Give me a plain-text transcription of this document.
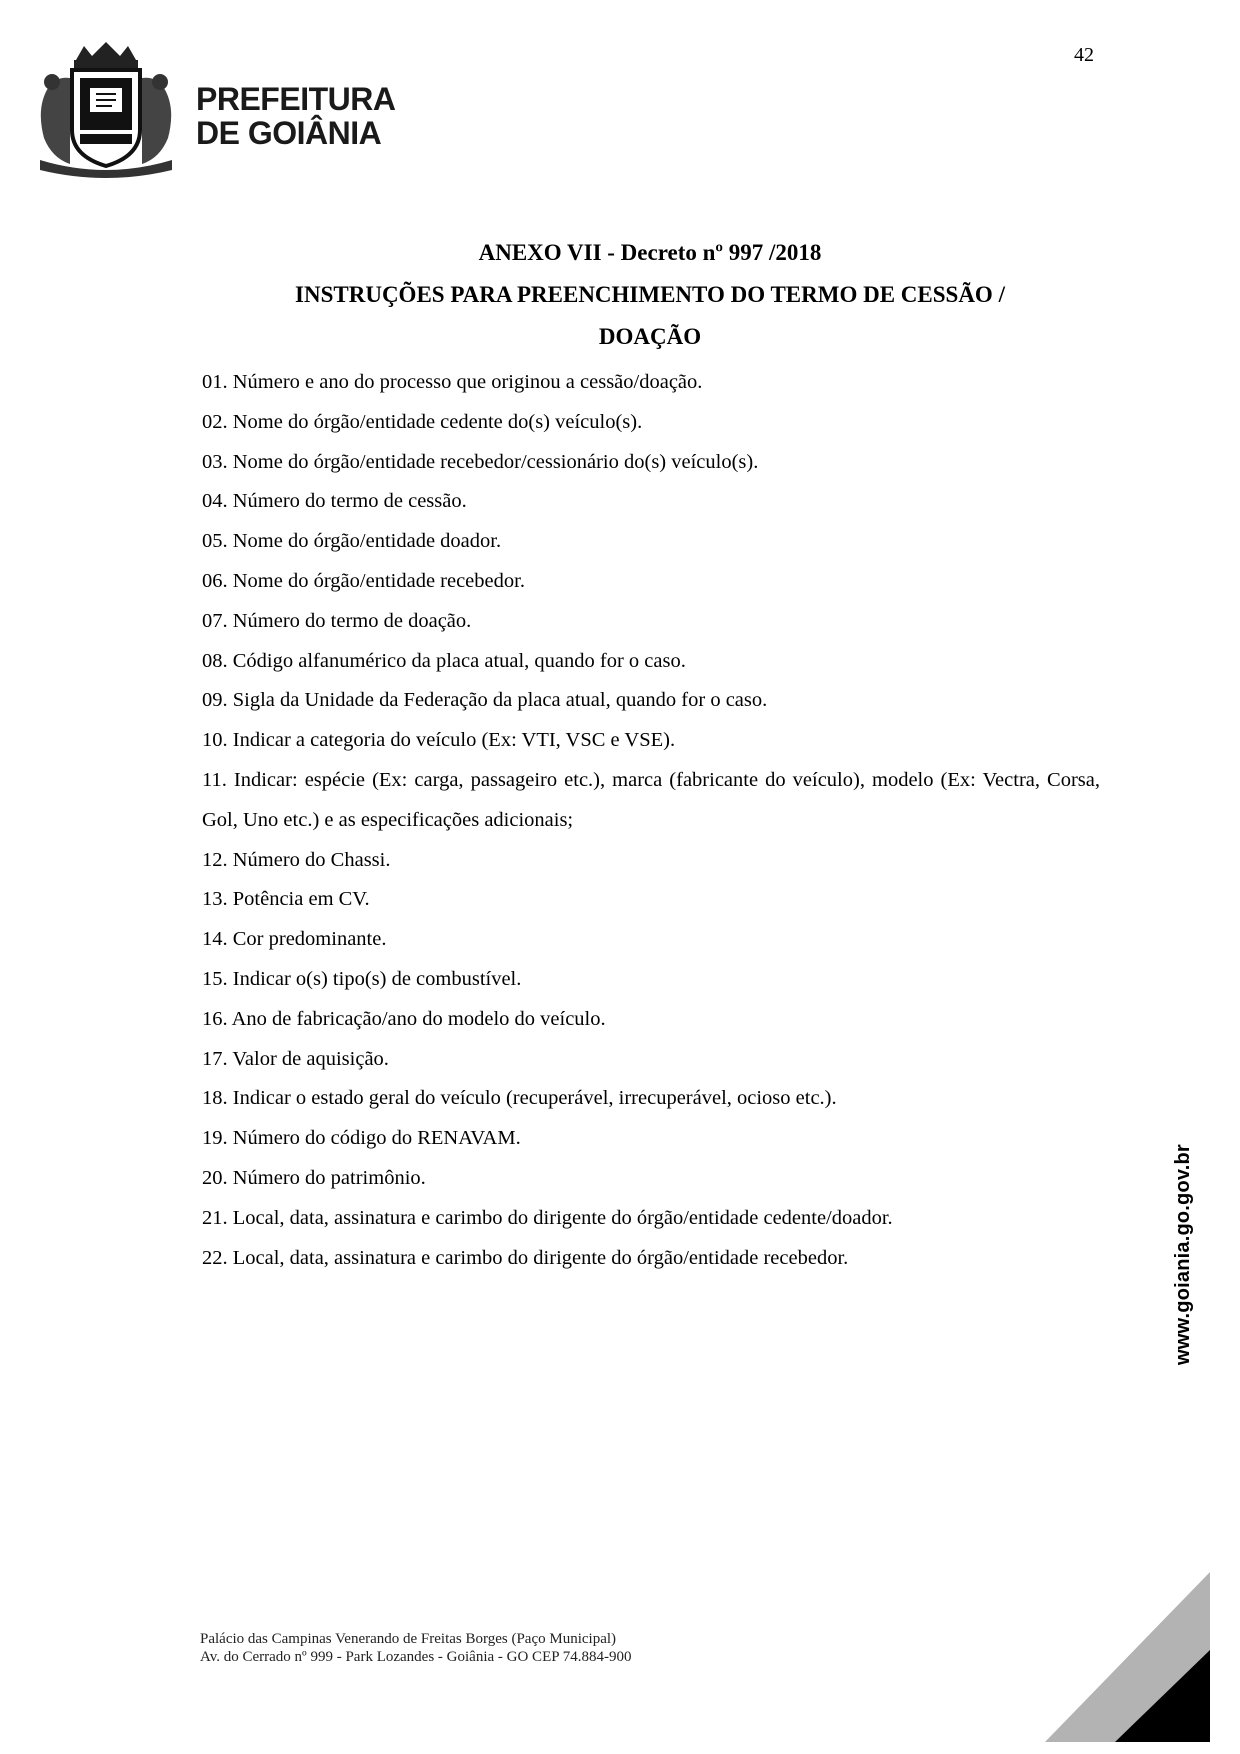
42
PREFEITURA
DE GOIÂNIA
ANEXO VII - Decreto nº 997 /2018
INSTRUÇÕES PARA PREENCHIMENTO DO TERMO DE CESSÃO /
DOAÇÃO
01. Número e ano do processo que originou a cessão/doação.
02. Nome do órgão/entidade cedente do(s) veículo(s).
03. Nome do órgão/entidade recebedor/cessionário do(s) veículo(s).
04. Número do termo de cessão.
05. Nome do órgão/entidade doador.
06. Nome do órgão/entidade recebedor.
07. Número do termo de doação.
08. Código alfanumérico da placa atual, quando for o caso.
09. Sigla da Unidade da Federação da placa atual, quando for o caso.
10. Indicar a categoria do veículo (Ex: VTI, VSC e VSE).
11. Indicar: espécie (Ex: carga, passageiro etc.), marca (fabricante do veículo), modelo (Ex: Vectra, Corsa, Gol, Uno etc.) e as especificações adicionais;
12. Número do Chassi.
13. Potência em CV.
14. Cor predominante.
15. Indicar o(s) tipo(s) de combustível.
16. Ano de fabricação/ano do modelo do veículo.
17. Valor de aquisição.
18. Indicar o estado geral do veículo (recuperável, irrecuperável, ocioso etc.).
19. Número do código do RENAVAM.
20. Número do patrimônio.
21. Local, data, assinatura e carimbo do dirigente do órgão/entidade cedente/doador.
22. Local, data, assinatura e carimbo do dirigente do órgão/entidade recebedor.	www.goiania.go.gov.br
Palácio das Campinas Venerando de Freitas Borges (Paço Municipal)
Av. do Cerrado nº 999 - Park Lozandes - Goiânia - GO CEP 74.884-900
